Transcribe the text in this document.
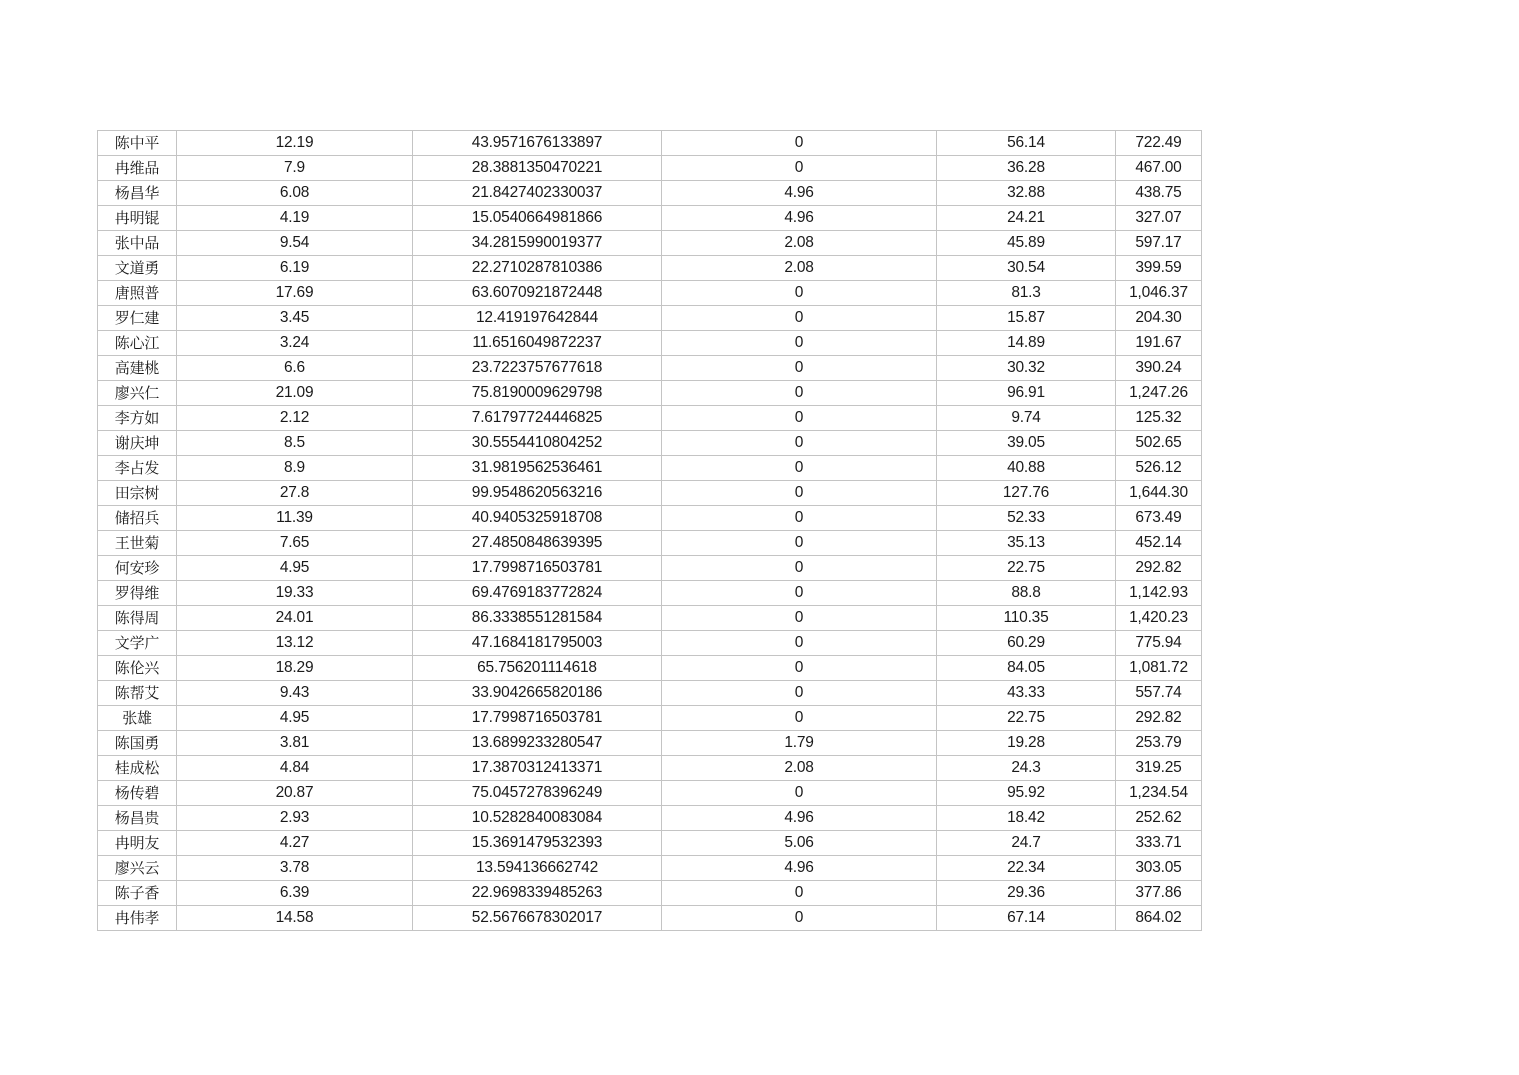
陈中平	12.19	43.9571676133897	0	56.14	722.49
冉维品	7.9	28.3881350470221	0	36.28	467.00
杨昌华	6.08	21.8427402330037	4.96	32.88	438.75
冉明锟	4.19	15.0540664981866	4.96	24.21	327.07
张中品	9.54	34.2815990019377	2.08	45.89	597.17
文道勇	6.19	22.2710287810386	2.08	30.54	399.59
唐照普	17.69	63.6070921872448	0	81.3	1,046.37
罗仁建	3.45	12.419197642844	0	15.87	204.30
陈心江	3.24	11.6516049872237	0	14.89	191.67
高建桃	6.6	23.7223757677618	0	30.32	390.24
廖兴仁	21.09	75.8190009629798	0	96.91	1,247.26
李方如	2.12	7.61797724446825	0	9.74	125.32
谢庆坤	8.5	30.5554410804252	0	39.05	502.65
李占发	8.9	31.9819562536461	0	40.88	526.12
田宗树	27.8	99.9548620563216	0	127.76	1,644.30
储招兵	11.39	40.9405325918708	0	52.33	673.49
王世菊	7.65	27.4850848639395	0	35.13	452.14
何安珍	4.95	17.7998716503781	0	22.75	292.82
罗得维	19.33	69.4769183772824	0	88.8	1,142.93
陈得周	24.01	86.3338551281584	0	110.35	1,420.23
文学广	13.12	47.1684181795003	0	60.29	775.94
陈伦兴	18.29	65.756201114618	0	84.05	1,081.72
陈帮艾	9.43	33.9042665820186	0	43.33	557.74
张雄	4.95	17.7998716503781	0	22.75	292.82
陈国勇	3.81	13.6899233280547	1.79	19.28	253.79
桂成松	4.84	17.3870312413371	2.08	24.3	319.25
杨传碧	20.87	75.0457278396249	0	95.92	1,234.54
杨昌贵	2.93	10.5282840083084	4.96	18.42	252.62
冉明友	4.27	15.3691479532393	5.06	24.7	333.71
廖兴云	3.78	13.594136662742	4.96	22.34	303.05
陈子香	6.39	22.9698339485263	0	29.36	377.86
冉伟孝	14.58	52.5676678302017	0	67.14	864.02
